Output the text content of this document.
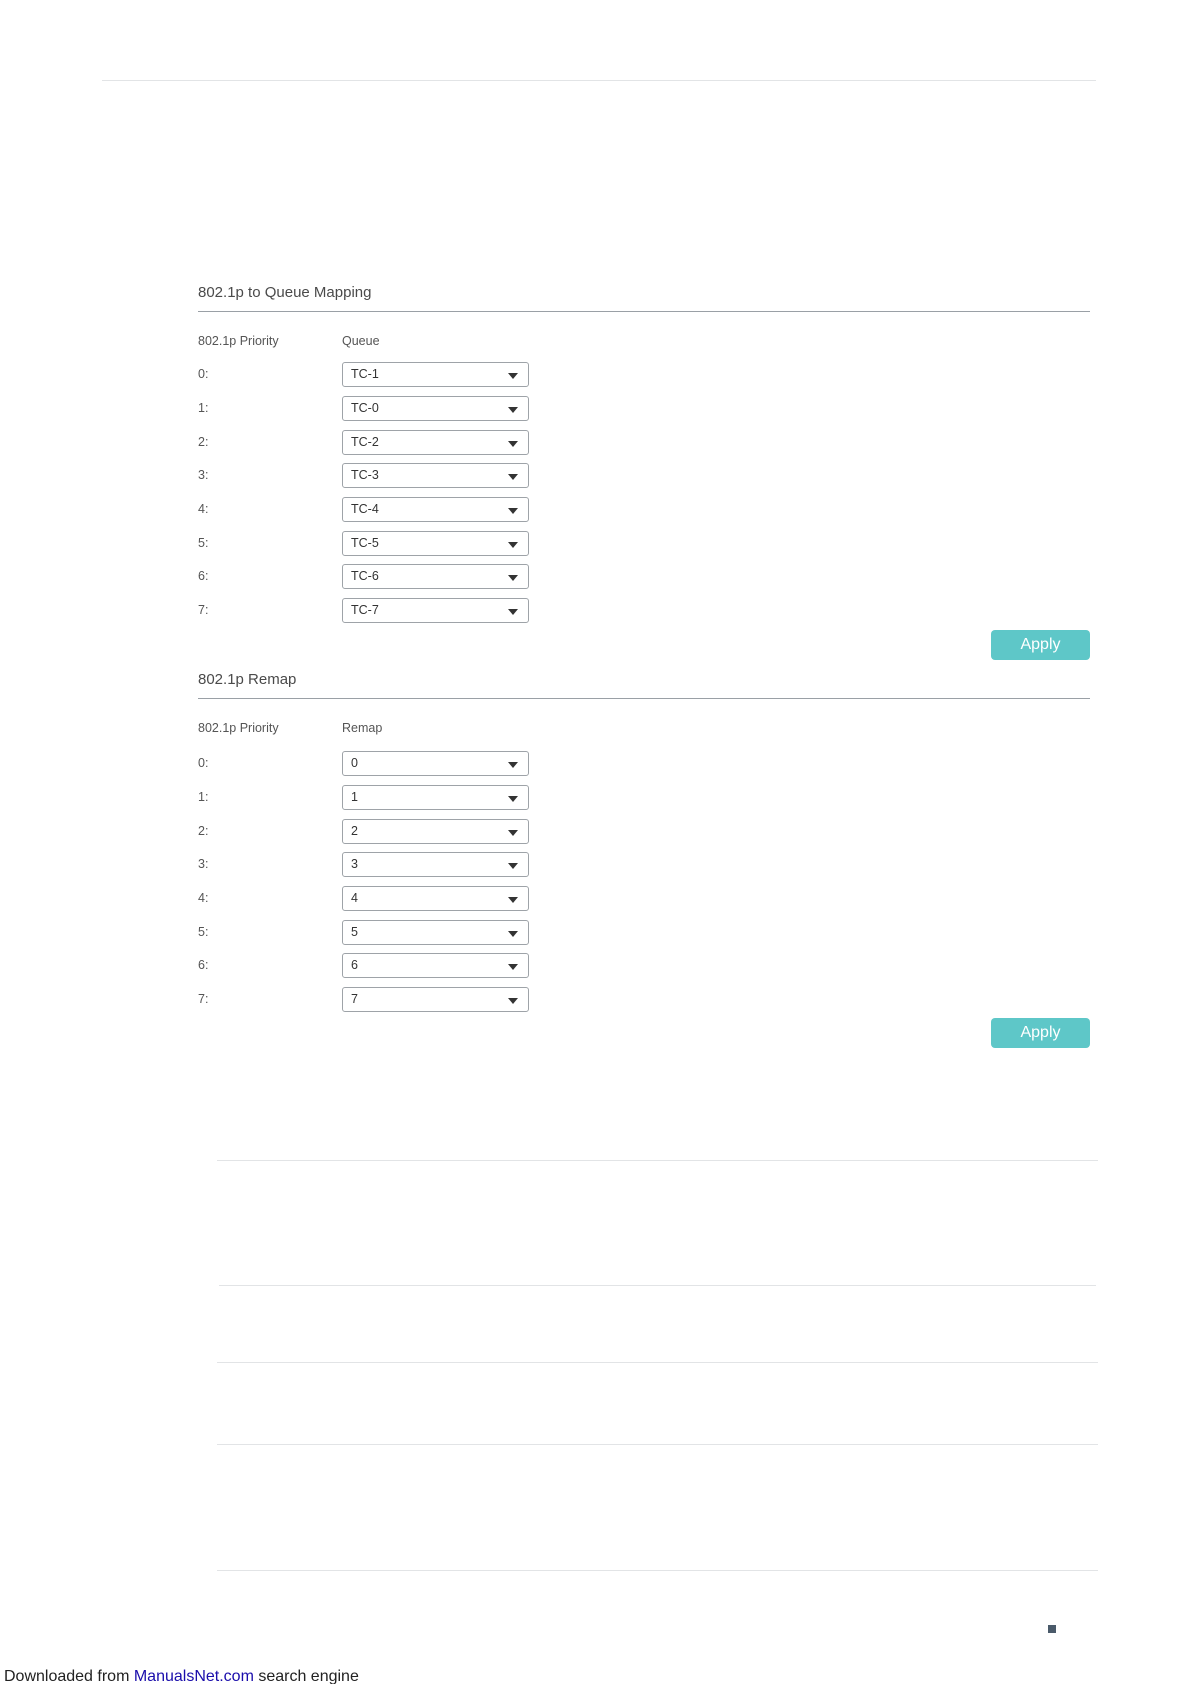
802.1p to Queue Mapping
802.1p Priority	Queue
0:	TC-1
1:	TC-0
2:	TC-2
3:	TC-3
4:	TC-4
5:	TC-5
6:	TC-6
7:	TC-7
Apply
802.1p Remap
802.1p Priority	Remap
0:	0
1:	1
2:	2
3:	3
4:	4
5:	5
6:	6
7:	7
Apply
Downloaded from ManualsNet.com search engine
